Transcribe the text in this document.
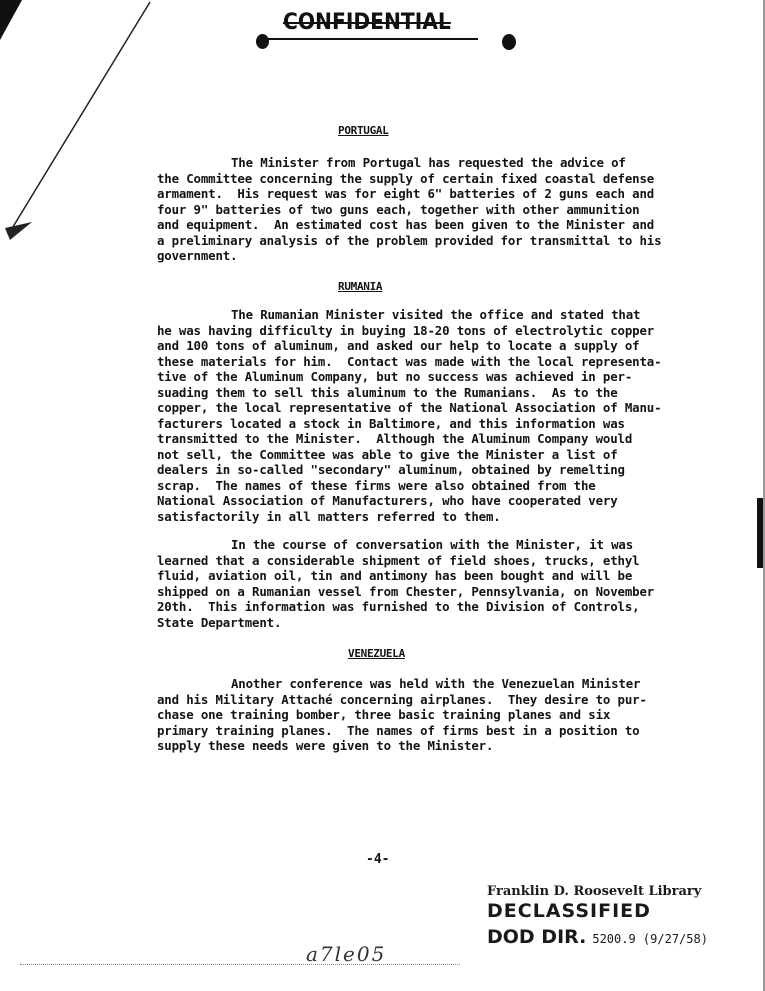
CONFIDENTIAL
PORTUGAL
The Minister from Portugal has requested the advice of
the Committee concerning the supply of certain fixed coastal defense
armament.  His request was for eight 6" batteries of 2 guns each and
four 9" batteries of two guns each, together with other ammunition
and equipment.  An estimated cost has been given to the Minister and
a preliminary analysis of the problem provided for transmittal to his
government.
RUMANIA
The Rumanian Minister visited the office and stated that
he was having difficulty in buying 18-20 tons of electrolytic copper
and 100 tons of aluminum, and asked our help to locate a supply of
these materials for him.  Contact was made with the local representa-
tive of the Aluminum Company, but no success was achieved in per-
suading them to sell this aluminum to the Rumanians.  As to the
copper, the local representative of the National Association of Manu-
facturers located a stock in Baltimore, and this information was
transmitted to the Minister.  Although the Aluminum Company would
not sell, the Committee was able to give the Minister a list of
dealers in so-called "secondary" aluminum, obtained by remelting
scrap.  The names of these firms were also obtained from the
National Association of Manufacturers, who have cooperated very
satisfactorily in all matters referred to them.
In the course of conversation with the Minister, it was
learned that a considerable shipment of field shoes, trucks, ethyl
fluid, aviation oil, tin and antimony has been bought and will be
shipped on a Rumanian vessel from Chester, Pennsylvania, on November
20th.  This information was furnished to the Division of Controls,
State Department.
VENEZUELA
Another conference was held with the Venezuelan Minister
and his Military Attaché concerning airplanes.  They desire to pur-
chase one training bomber, three basic training planes and six
primary training planes.  The names of firms best in a position to
supply these needs were given to the Minister.
-4-
Franklin D. Roosevelt Library
DECLASSIFIED
DOD DIR. 5200.9 (9/27/58)
a7le05
